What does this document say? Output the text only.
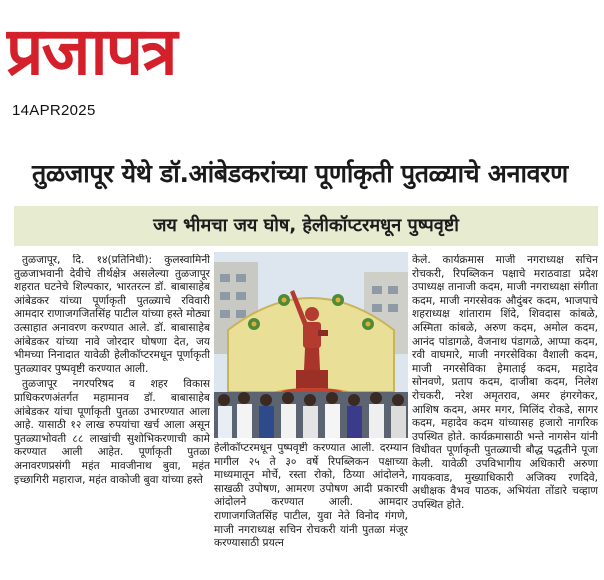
प्रजापत्र
14APR2025
तुळजापूर येथे डॉ.आंबेडकरांच्या पूर्णाकृती पुतळ्याचे अनावरण
जय भीमचा जय घोष, हेलीकॉप्टरमधून पुष्पवृष्टी

तुळजापूर, दि. १४(प्रतिनिधी): कुलस्वामिनी तुळजाभवानी देवीचे तीर्थक्षेत्र असलेल्या तुळजापूर शहरात घटनेचे शिल्पकार, भारतरत्न डॉ. बाबासाहेब आंबेडकर यांच्या पूर्णाकृती पुतळ्याचे रविवारी आमदार राणाजगजितसिंह पाटील यांच्या हस्ते मोठ्या उत्साहात अनावरण करण्यात आले. डॉ. बाबासाहेब आंबेडकर यांच्या नावे जोरदार घोषणा देत, जय भीमच्या निनादात यावेळी हेलीकॉप्टरमधून पूर्णाकृती पुतळ्यावर पुष्पवृष्टी करण्यात आली.

तुळजापूर नगरपरिषद व शहर विकास प्राधिकरणअंतर्गत महामानव डॉ. बाबासाहेब आंबेडकर यांचा पूर्णाकृती पुतळा उभारण्यात आला आहे. यासाठी १२ लाख रुपयांचा खर्च आला असून पुतळ्याभोवती ८८ लाखांची सुशोभिकरणाची कामे करण्यात आली आहेत. पूर्णाकृती पुतळा अनावरणप्रसंगी महंत मावजीनाथ बुवा, महंत इच्छागिरी महाराज, महंत वाकोजी बुवा यांच्या हस्ते

हेलीकॉप्टरमधून पुष्पवृष्टी करण्यात आली. दरम्यान मागील २५ ते ३० वर्षे रिपब्लिकन पक्षाच्या माध्यमातून मोर्चे, रस्ता रोको, ठिय्या आंदोलने, साखळी उपोषण, आमरण उपोषण आदी प्रकारची आंदोलने करण्यात आली. आमदार राणाजगजितसिंह पाटील, युवा नेते विनोद गंगणे, माजी नगराध्यक्ष सचिन रोचकरी यांनी पुतळा मंजूर करण्यासाठी प्रयत्न

केले. कार्यक्रमास माजी नगराध्यक्ष सचिन रोचकरी, रिपब्लिकन पक्षाचे मराठवाडा प्रदेश उपाध्यक्ष तानाजी कदम, माजी नगराध्यक्षा संगीता कदम, माजी नगरसेवक औदुंबर कदम, भाजपाचे शहराध्यक्ष शांताराम शिंदे, शिवदास कांबळे, अस्मिता कांबळे, अरुण कदम, अमोल कदम, आनंद पांडागळे, वैजनाथ पंडागळे, आप्पा कदम, रवी वाघमारे, माजी नगरसेविका वैशाली कदम, माजी नगरसेविका हेमाताई कदम, महादेव सोनवणे, प्रताप कदम, दाजीबा कदम, निलेश रोचकरी, नरेश अमृतराव, अमर हंगरगेकर, आशिष कदम, अमर मगर, मिलिंद रोकडे, सागर कदम, महादेव कदम यांच्यासह हजारो नागरिक उपस्थित होते. कार्यक्रमासाठी भन्ते नागसेन यांनी विधीवत पूर्णाकृती पुतळ्याची बौद्ध पद्धतीने पूजा केली. यावेळी उपविभागीय अधिकारी अरुणा गायकवाड, मुख्याधिकारी अजिक्य रणदिवे, अधीक्षक वैभव पाठक, अभियंता तोंडारे चव्हाण उपस्थित होते.
